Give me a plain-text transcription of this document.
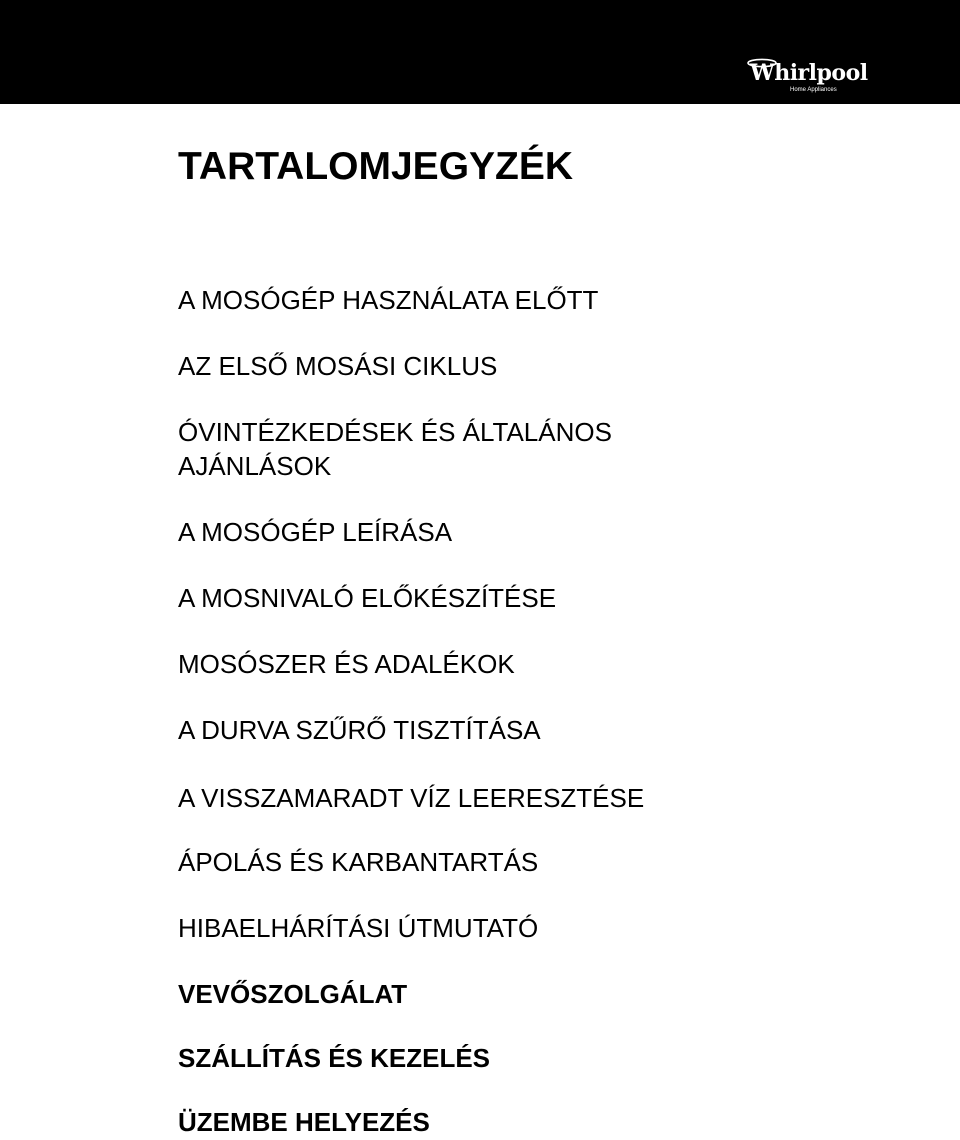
Whirlpool
Home Appliances
TARTALOMJEGYZÉK
A MOSÓGÉP HASZNÁLATA ELŐTT
AZ ELSŐ MOSÁSI CIKLUS
ÓVINTÉZKEDÉSEK ÉS ÁLTALÁNOS
AJÁNLÁSOK
A MOSÓGÉP LEÍRÁSA
A MOSNIVALÓ ELŐKÉSZÍTÉSE
MOSÓSZER ÉS ADALÉKOK
A DURVA SZŰRŐ TISZTÍTÁSA
A VISSZAMARADT VÍZ LEERESZTÉSE
ÁPOLÁS ÉS KARBANTARTÁS
HIBAELHÁRÍTÁSI ÚTMUTATÓ
VEVŐSZOLGÁLAT
SZÁLLÍTÁS ÉS KEZELÉS
ÜZEMBE HELYEZÉS
